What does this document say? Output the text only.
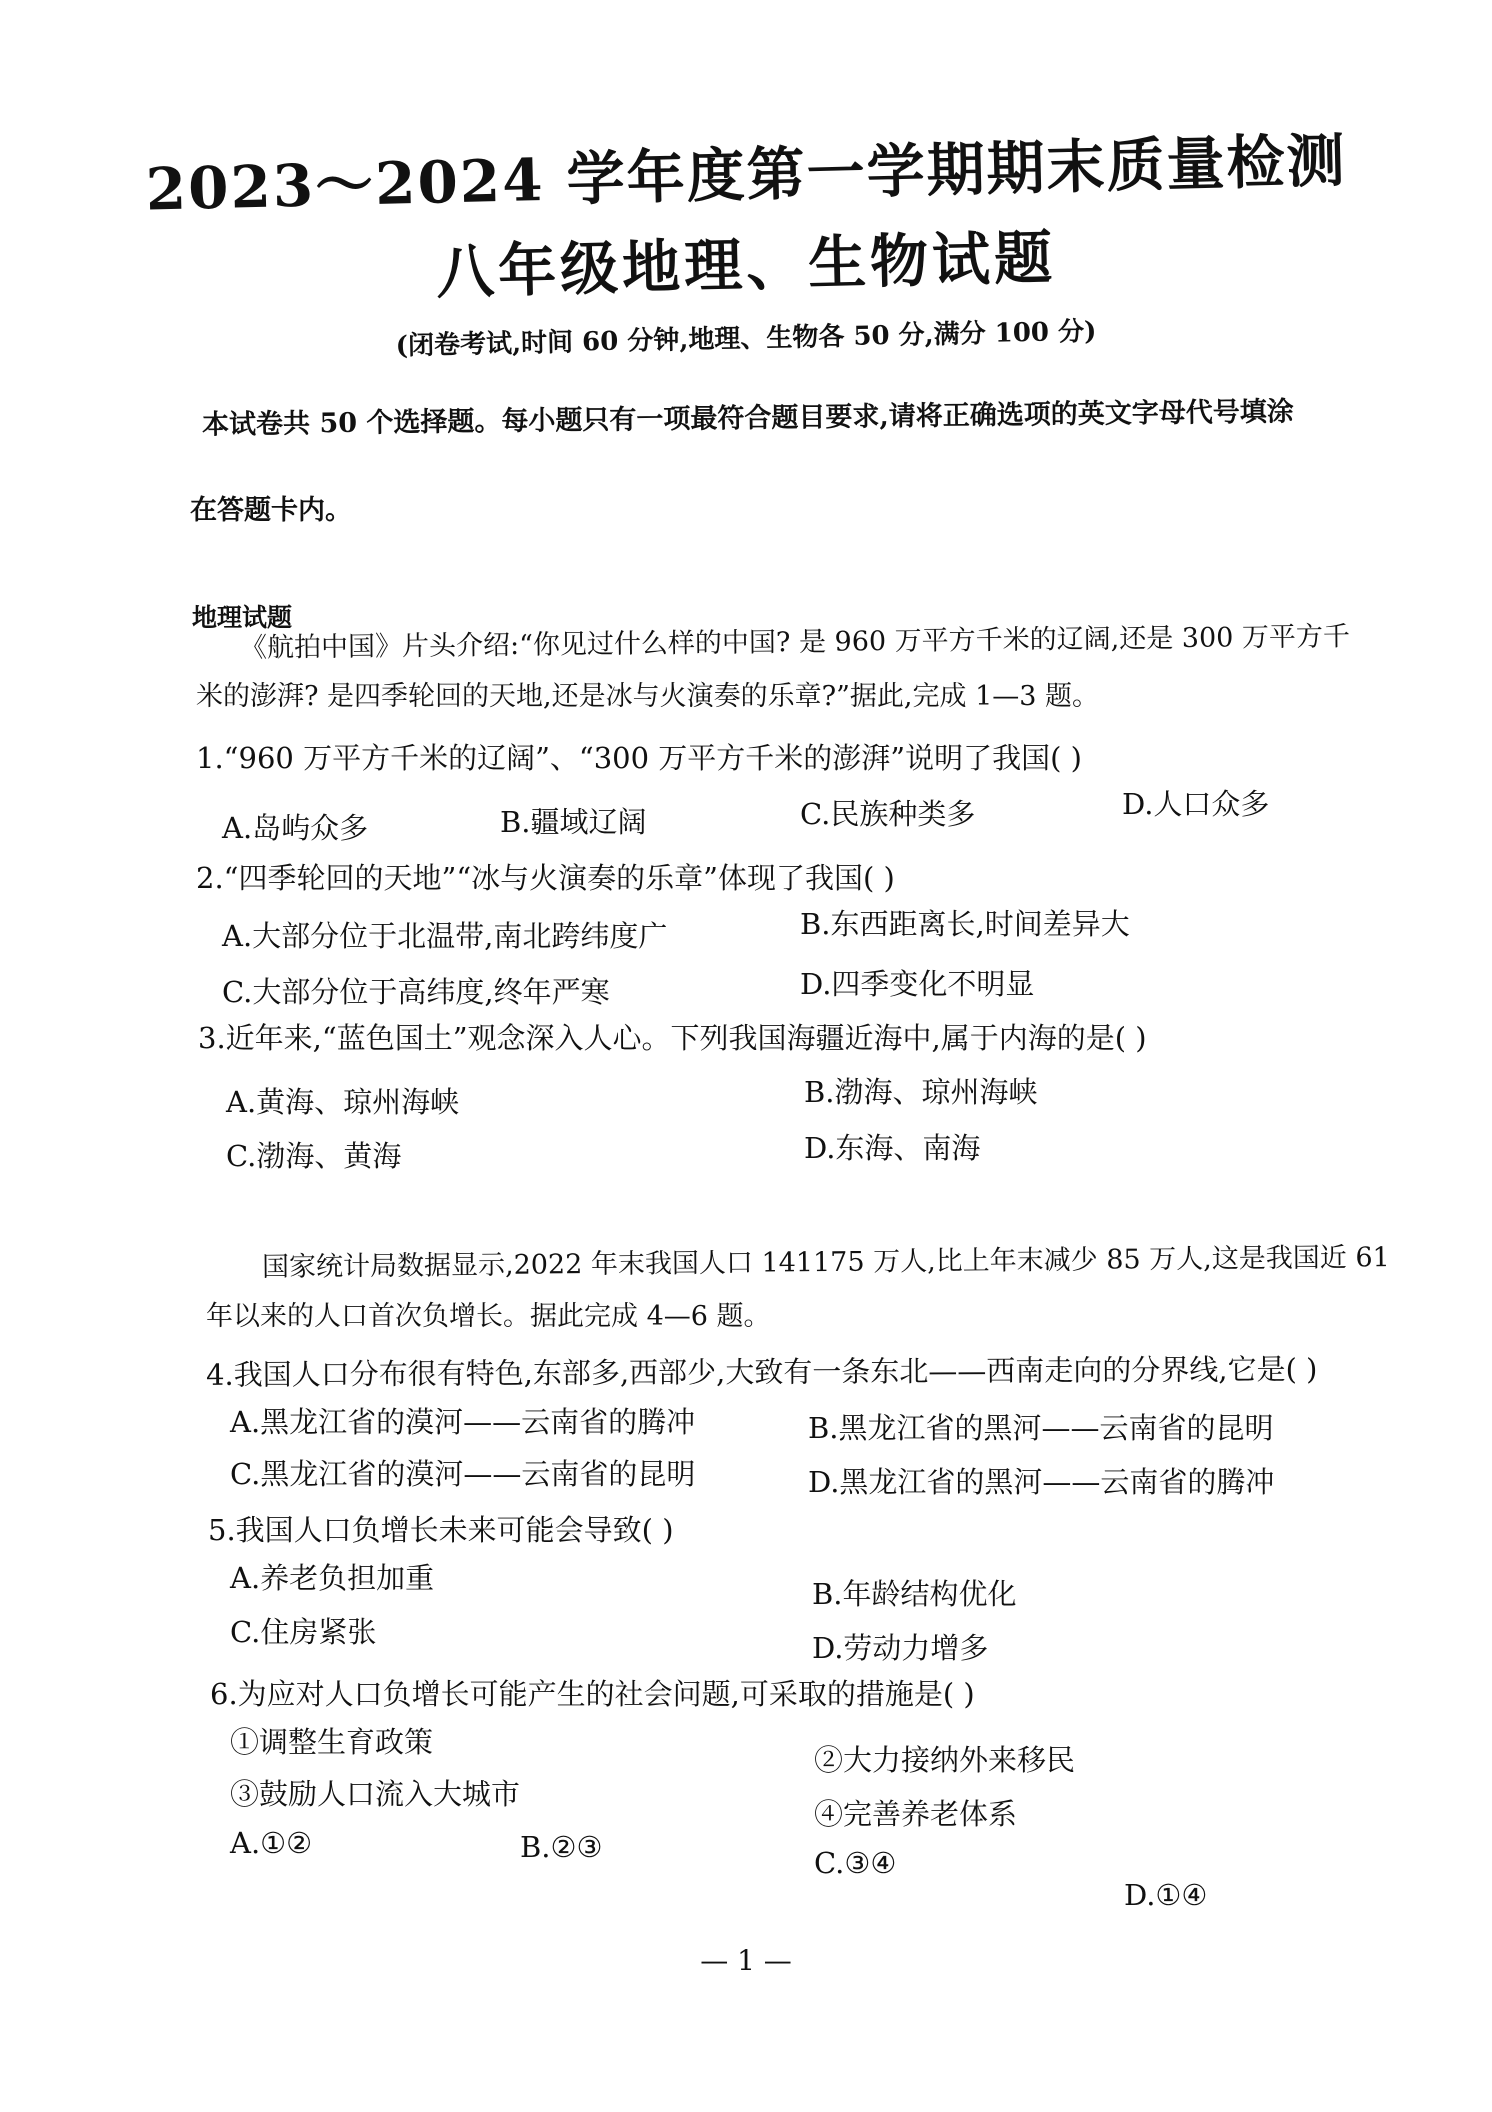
2023～2024 学年度第一学期期末质量检测
八年级地理、生物试题
(闭卷考试,时间 60 分钟,地理、生物各 50 分,满分 100 分)
本试卷共 50 个选择题。每小题只有一项最符合题目要求,请将正确选项的英文字母代号填涂
在答题卡内。
地理试题
《航拍中国》片头介绍:“你见过什么样的中国? 是 960 万平方千米的辽阔,还是 300 万平方千
米的澎湃? 是四季轮回的天地,还是冰与火演奏的乐章?”据此,完成 1—3 题。
1.“960 万平方千米的辽阔”、“300 万平方千米的澎湃”说明了我国( )
A.岛屿众多	B.疆域辽阔	C.民族种类多	D.人口众多
2.“四季轮回的天地”“冰与火演奏的乐章”体现了我国( )
A.大部分位于北温带,南北跨纬度广	B.东西距离长,时间差异大
C.大部分位于高纬度,终年严寒	D.四季变化不明显
3.近年来,“蓝色国土”观念深入人心。下列我国海疆近海中,属于内海的是( )
A.黄海、琼州海峡	B.渤海、琼州海峡
C.渤海、黄海	D.东海、南海
国家统计局数据显示,2022 年末我国人口 141175 万人,比上年末减少 85 万人,这是我国近 61
年以来的人口首次负增长。据此完成 4—6 题。
4.我国人口分布很有特色,东部多,西部少,大致有一条东北——西南走向的分界线,它是( )
A.黑龙江省的漠河——云南省的腾冲	B.黑龙江省的黑河——云南省的昆明
C.黑龙江省的漠河——云南省的昆明	D.黑龙江省的黑河——云南省的腾冲
5.我国人口负增长未来可能会导致( )
A.养老负担加重	B.年龄结构优化
C.住房紧张	D.劳动力增多
6.为应对人口负增长可能产生的社会问题,可采取的措施是( )
①调整生育政策
②大力接纳外来移民
③鼓励人口流入大城市
④完善养老体系
A.①②	B.②③	C.③④
D.①④
— 1 —
